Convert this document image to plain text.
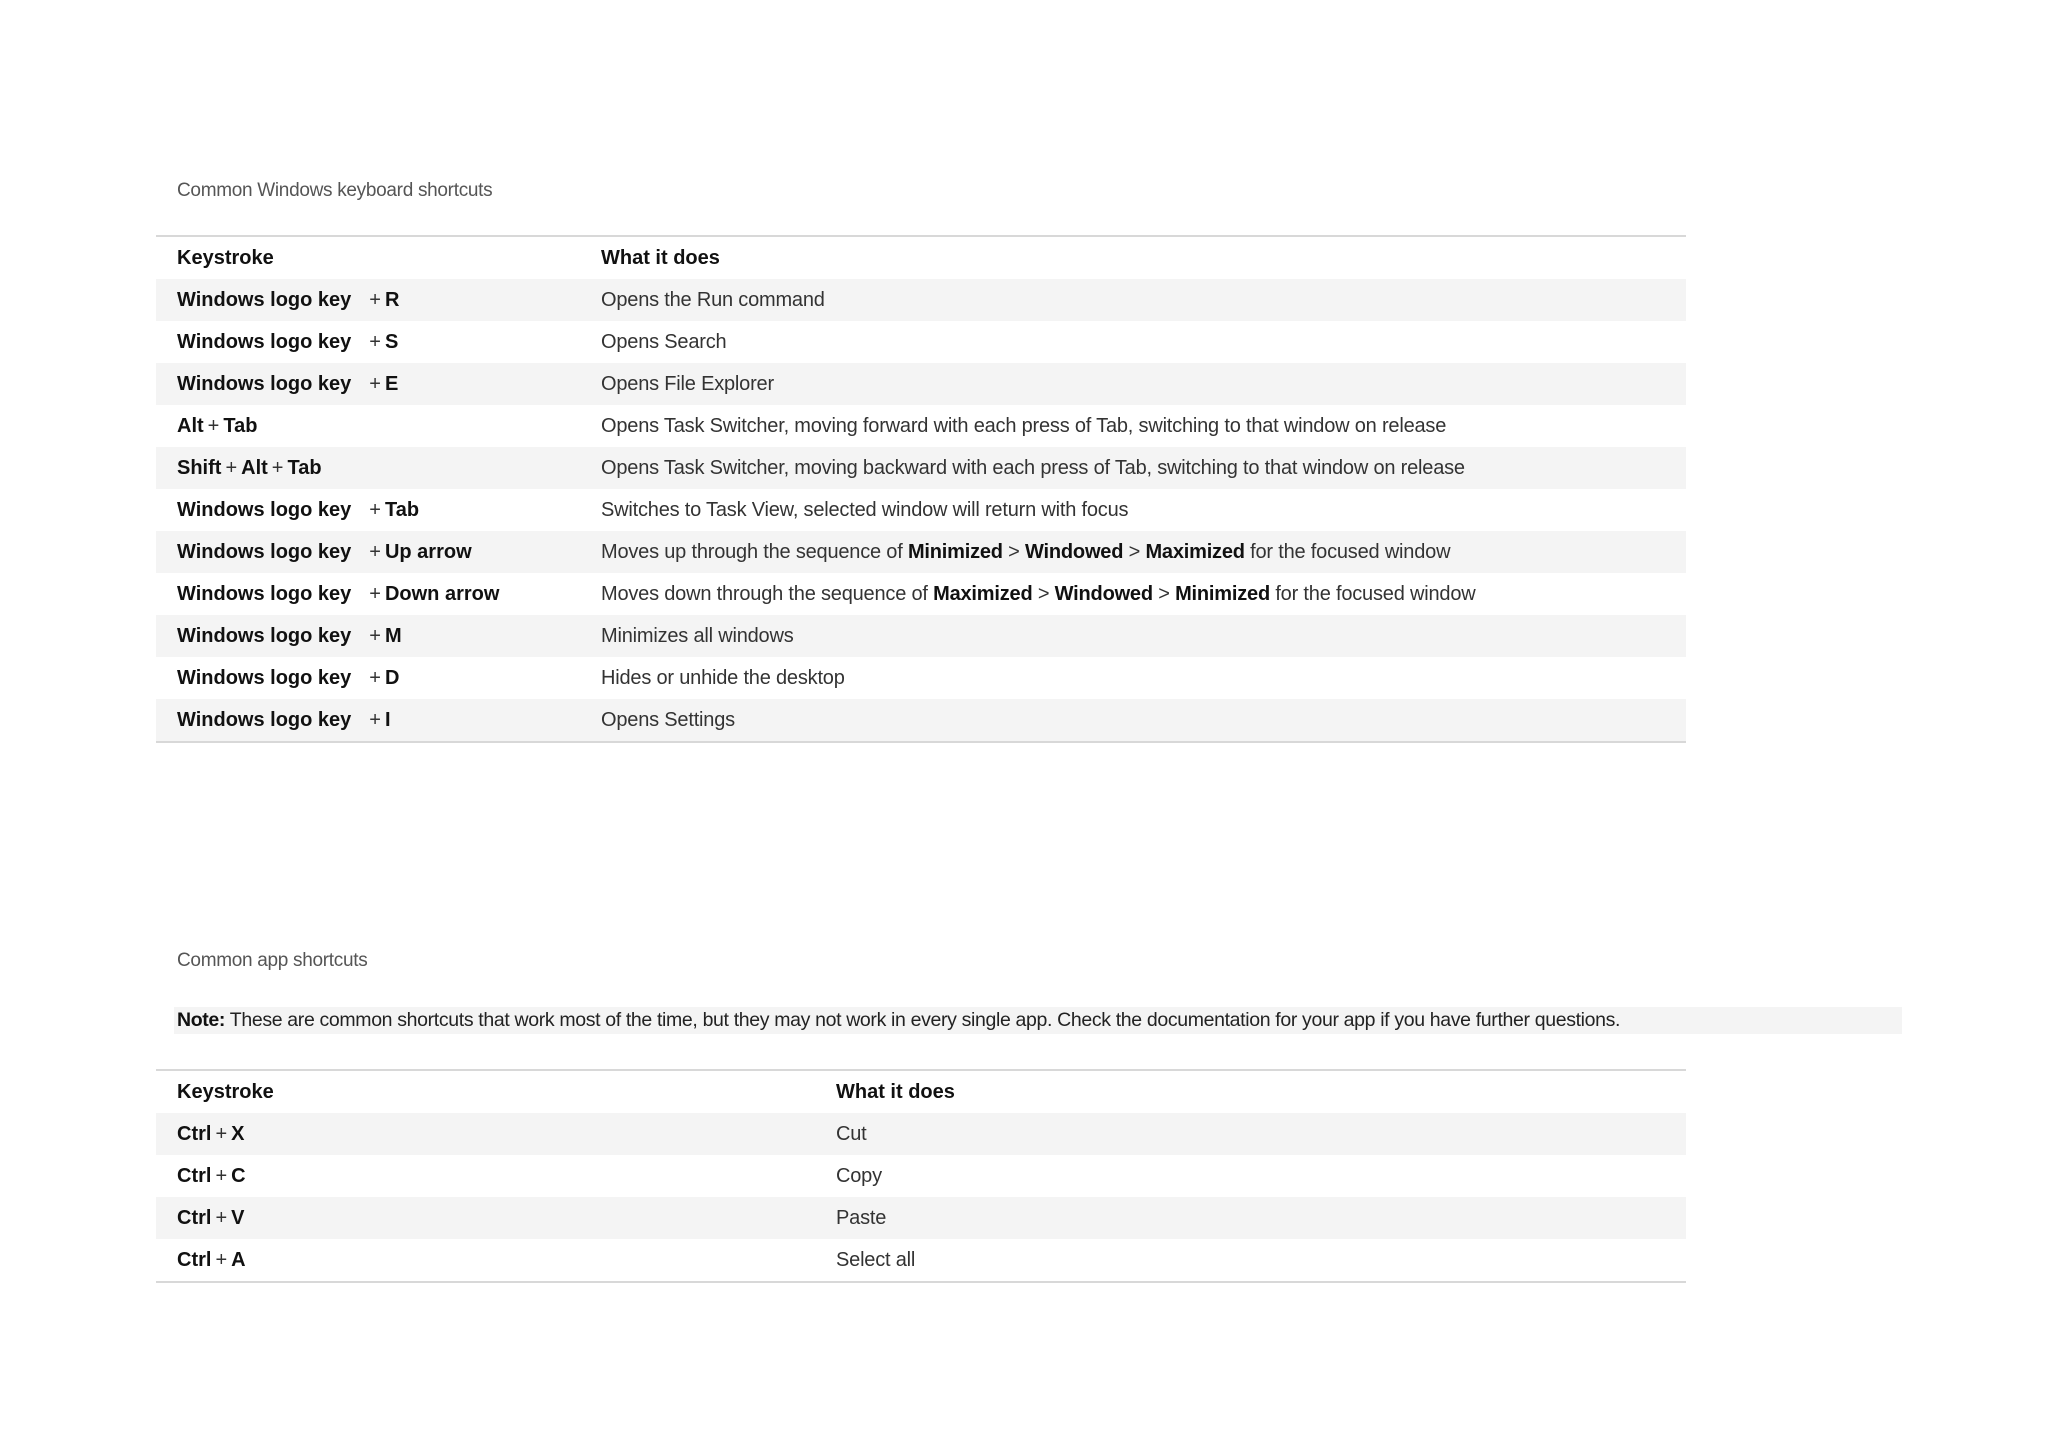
Common Windows keyboard shortcuts
Keystroke	What it does
Windows logo key + R	Opens the Run command
Windows logo key + S	Opens Search
Windows logo key + E	Opens File Explorer
Alt + Tab	Opens Task Switcher, moving forward with each press of Tab, switching to that window on release
Shift + Alt + Tab	Opens Task Switcher, moving backward with each press of Tab, switching to that window on release
Windows logo key + Tab	Switches to Task View, selected window will return with focus
Windows logo key + Up arrow	Moves up through the sequence of Minimized > Windowed > Maximized for the focused window
Windows logo key + Down arrow	Moves down through the sequence of Maximized > Windowed > Minimized for the focused window
Windows logo key + M	Minimizes all windows
Windows logo key + D	Hides or unhide the desktop
Windows logo key + I	Opens Settings
Common app shortcuts
Note: These are common shortcuts that work most of the time, but they may not work in every single app. Check the documentation for your app if you have further questions.
Keystroke	What it does
Ctrl + X	Cut
Ctrl + C	Copy
Ctrl + V	Paste
Ctrl + A	Select all
